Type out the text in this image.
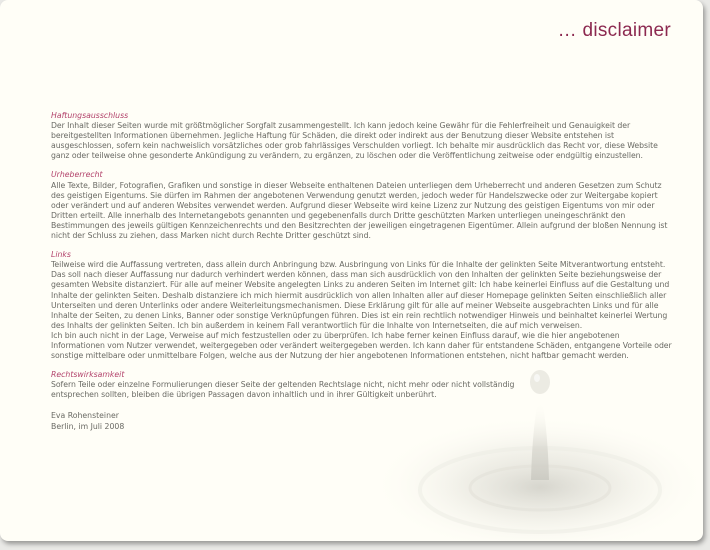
… disclaimer
Haftungsausschluss
Der Inhalt dieser Seiten wurde mit größtmöglicher Sorgfalt zusammengestellt. Ich kann jedoch keine Gewähr für die Fehlerfreiheit und Genauigkeit der bereitgestellten Informationen übernehmen. Jegliche Haftung für Schäden, die direkt oder indirekt aus der Benutzung dieser Website entstehen ist ausgeschlossen, sofern kein nachweislich vorsätzliches oder grob fahrlässiges Verschulden vorliegt. Ich behalte mir ausdrücklich das Recht vor, diese Website ganz oder teilweise ohne gesonderte Ankündigung zu verändern, zu ergänzen, zu löschen oder die Veröffentlichung zeitweise oder endgültig einzustellen.
Urheberrecht
Alle Texte, Bilder, Fotografien, Grafiken und sonstige in dieser Webseite enthaltenen Dateien unterliegen dem Urheberrecht und anderen Gesetzen zum Schutz des geistigen Eigentums. Sie dürfen im Rahmen der angebotenen Verwendung genutzt werden, jedoch weder für Handelszwecke oder zur Weitergabe kopiert oder verändert und auf anderen Websites verwendet werden. Aufgrund dieser Webseite wird keine Lizenz zur Nutzung des geistigen Eigentums von mir oder Dritten erteilt. Alle innerhalb des Internetangebots genannten und gegebenenfalls durch Dritte geschützten Marken unterliegen uneingeschränkt den Bestimmungen des jeweils gültigen Kennzeichenrechts und den Besitzrechten der jeweiligen eingetragenen Eigentümer. Allein aufgrund der bloßen Nennung ist nicht der Schluss zu ziehen, dass Marken nicht durch Rechte Dritter geschützt sind.
Links
Teilweise wird die Auffassung vertreten, dass allein durch Anbringung bzw. Ausbringung von Links für die Inhalte der gelinkten Seite Mitverantwortung entsteht. Das soll nach dieser Auffassung nur dadurch verhindert werden können, dass man sich ausdrücklich von den Inhalten der gelinkten Seite beziehungsweise der gesamten Website distanziert. Für alle auf meiner Website angelegten Links zu anderen Seiten im Internet gilt: Ich habe keinerlei Einfluss auf die Gestaltung und Inhalte der gelinkten Seiten. Deshalb distanziere ich mich hiermit ausdrücklich von allen Inhalten aller auf dieser Homepage gelinkten Seiten einschließlich aller Unterseiten und deren Unterlinks oder andere Weiterleitungsmechanismen. Diese Erklärung gilt für alle auf meiner Webseite ausgebrachten Links und für alle Inhalte der Seiten, zu denen Links, Banner oder sonstige Verknüpfungen führen. Dies ist ein rein rechtlich notwendiger Hinweis und beinhaltet keinerlei Wertung des Inhalts der gelinkten Seiten. Ich bin außerdem in keinem Fall verantwortlich für die Inhalte von Internetseiten, die auf mich verweisen.
Ich bin auch nicht in der Lage, Verweise auf mich festzustellen oder zu überprüfen. Ich habe ferner keinen Einfluss darauf, wie die hier angebotenen Informationen vom Nutzer verwendet, weitergegeben oder verändert weitergegeben werden. Ich kann daher für entstandene Schäden, entgangene Vorteile oder sonstige mittelbare oder unmittelbare Folgen, welche aus der Nutzung der hier angebotenen Informationen entstehen, nicht haftbar gemacht werden.
Rechtswirksamkeit
Sofern Teile oder einzelne Formulierungen dieser Seite der geltenden Rechtslage nicht, nicht mehr oder nicht vollständig
entsprechen sollten, bleiben die übrigen Passagen davon inhaltlich und in ihrer Gültigkeit unberührt.
Eva Rohensteiner
Berlin, im Juli 2008
